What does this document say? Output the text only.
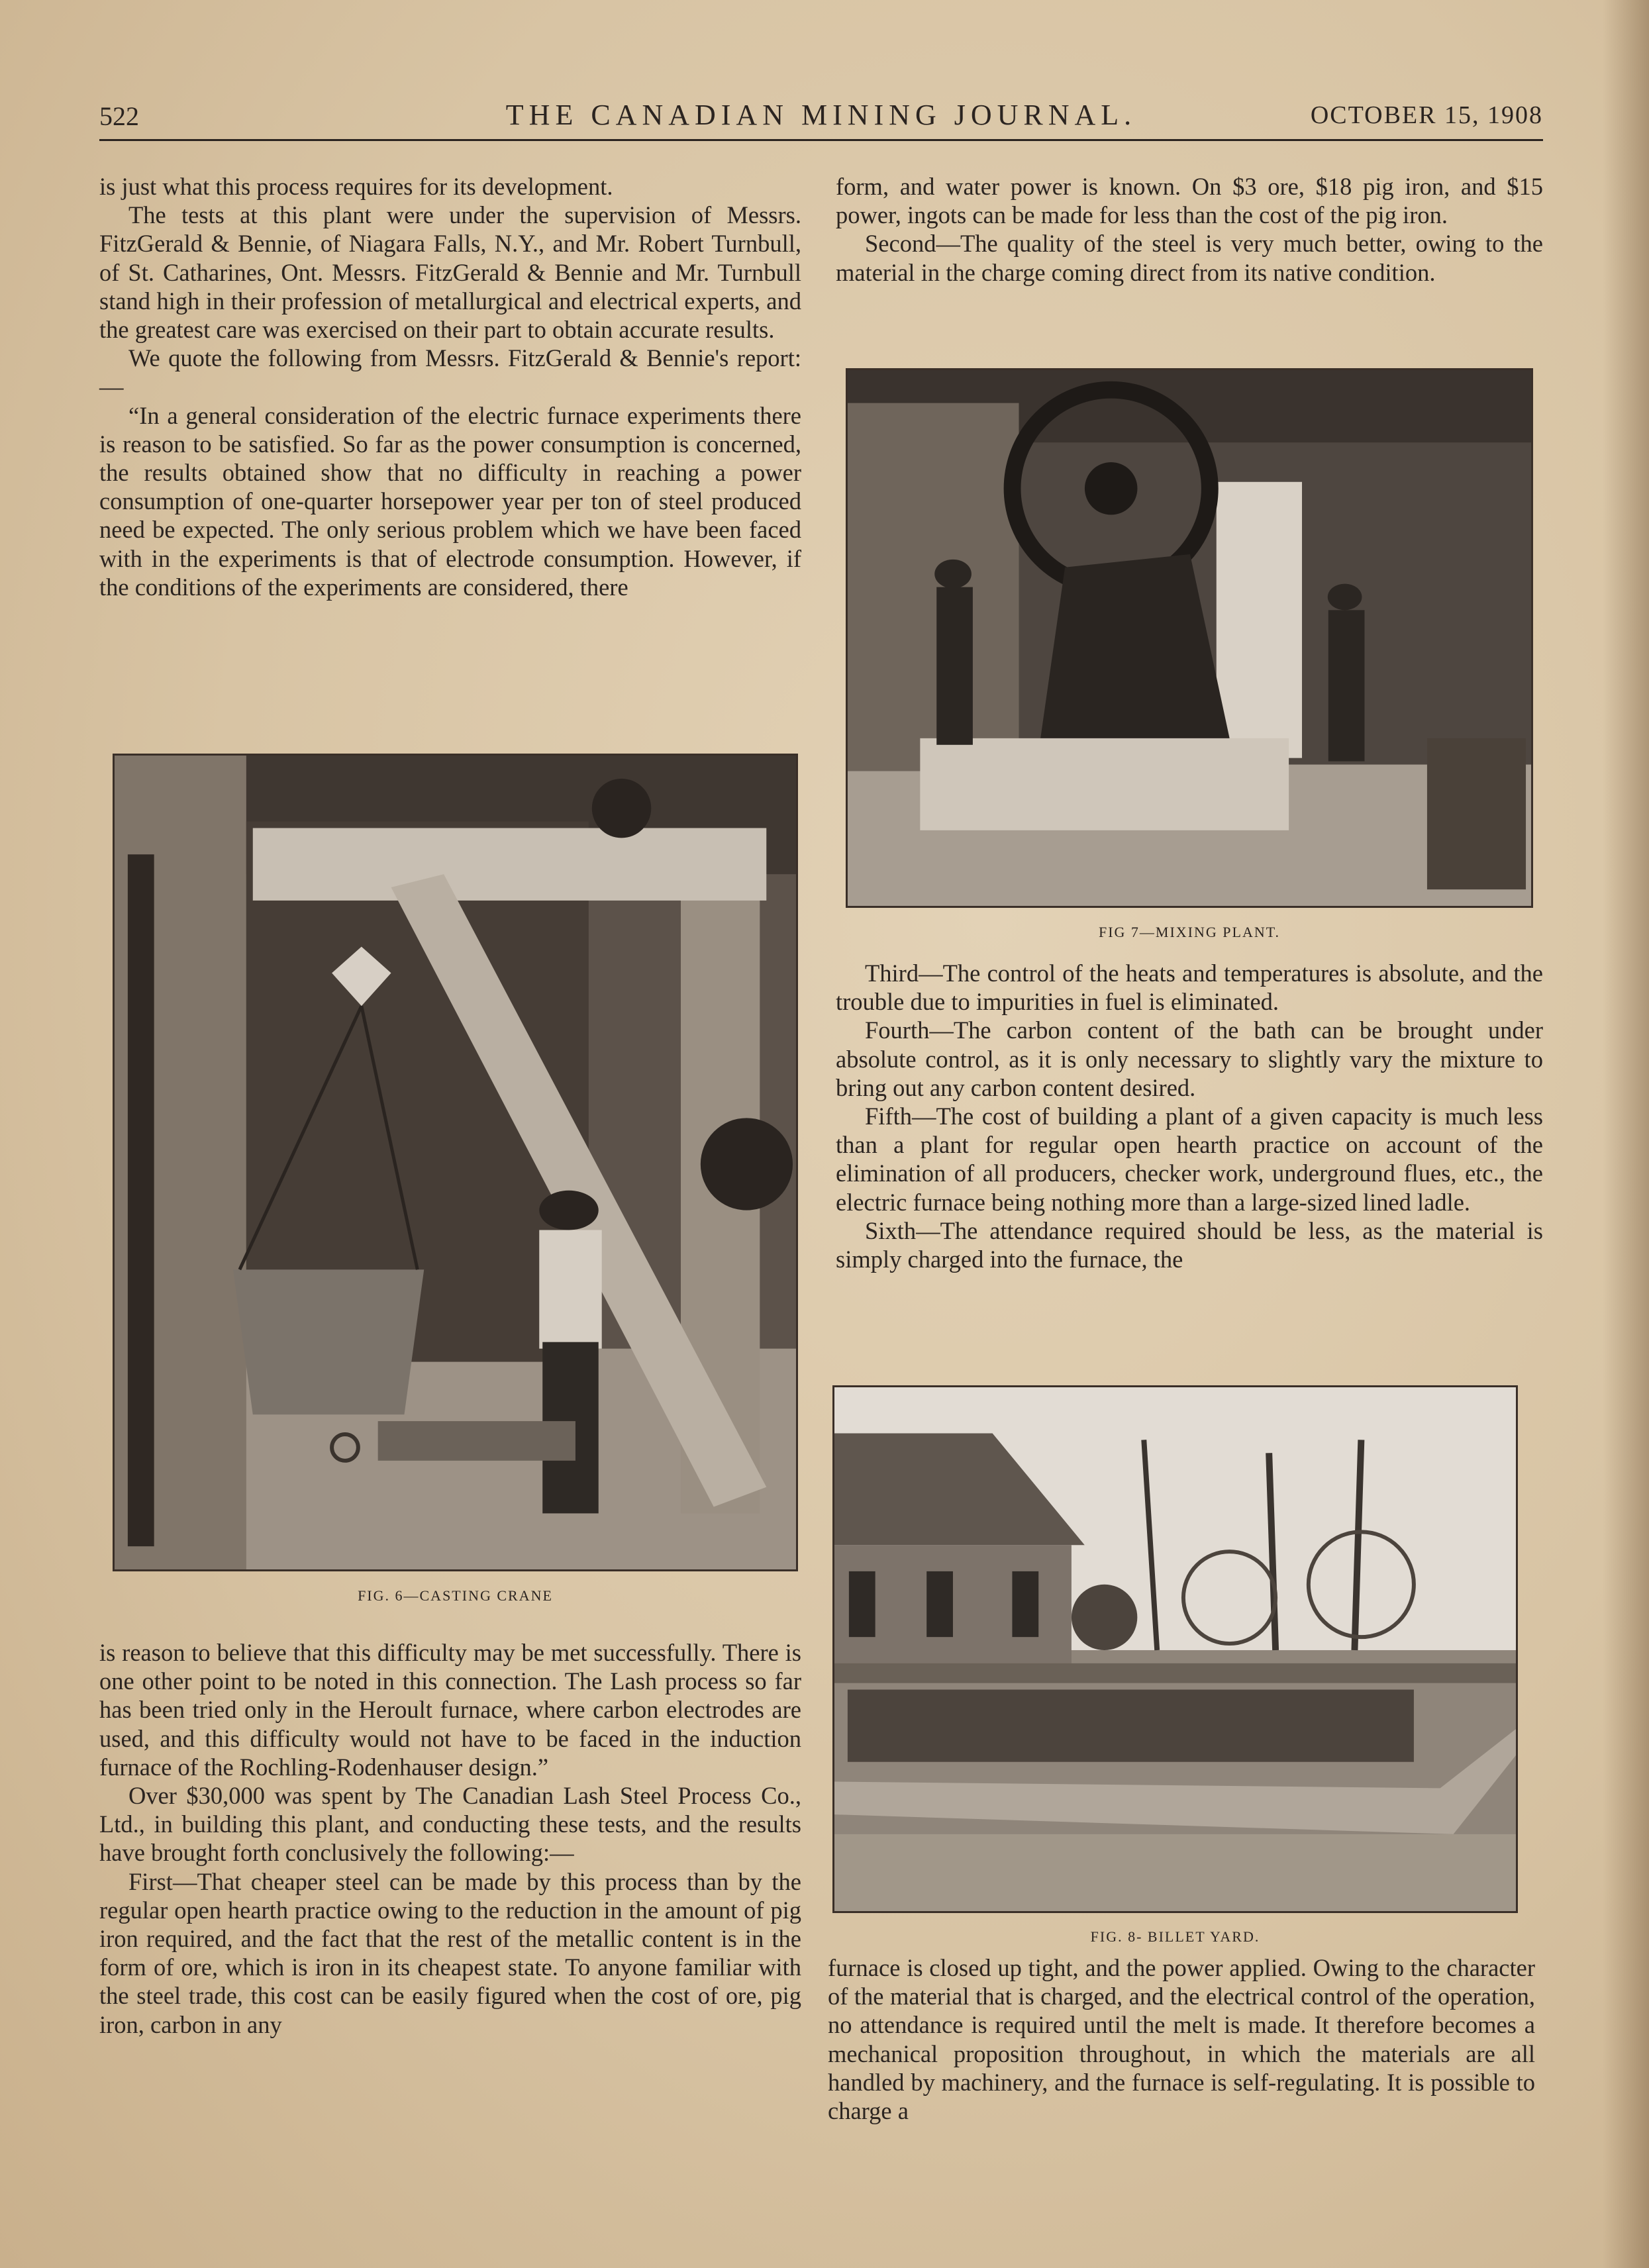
522	THE CANADIAN MINING JOURNAL.	OCTOBER 15, 1908

is just what this process requires for its development.

The tests at this plant were under the supervision of Messrs. FitzGerald & Bennie, of Niagara Falls, N.Y., and Mr. Robert Turnbull, of St. Catharines, Ont. Messrs. FitzGerald & Bennie and Mr. Turnbull stand high in their profession of metallurgical and electrical experts, and the greatest care was exercised on their part to obtain accurate results.

We quote the following from Messrs. FitzGerald & Bennie's report:—

“In a general consideration of the electric furnace experiments there is reason to be satisfied. So far as the power consumption is concerned, the results obtained show that no difficulty in reaching a power consumption of one-quarter horsepower year per ton of steel produced need be expected. The only serious problem which we have been faced with in the experiments is that of electrode consumption. However, if the conditions of the experiments are considered, there

FIG. 6—CASTING CRANE

is reason to believe that this difficulty may be met successfully. There is one other point to be noted in this connection. The Lash process so far has been tried only in the Heroult furnace, where carbon electrodes are used, and this difficulty would not have to be faced in the induction furnace of the Rochling-Rodenhauser design.”

Over $30,000 was spent by The Canadian Lash Steel Process Co., Ltd., in building this plant, and conducting these tests, and the results have brought forth conclusively the following:—

First—That cheaper steel can be made by this process than by the regular open hearth practice owing to the reduction in the amount of pig iron required, and the fact that the rest of the metallic content is in the form of ore, which is iron in its cheapest state. To anyone familiar with the steel trade, this cost can be easily figured when the cost of ore, pig iron, carbon in any

form, and water power is known. On $3 ore, $18 pig iron, and $15 power, ingots can be made for less than the cost of the pig iron.

Second—The quality of the steel is very much better, owing to the material in the charge coming direct from its native condition.

FIG 7—MIXING PLANT.

Third—The control of the heats and temperatures is absolute, and the trouble due to impurities in fuel is eliminated.

Fourth—The carbon content of the bath can be brought under absolute control, as it is only necessary to slightly vary the mixture to bring out any carbon content desired.

Fifth—The cost of building a plant of a given capacity is much less than a plant for regular open hearth practice on account of the elimination of all producers, checker work, underground flues, etc., the electric furnace being nothing more than a large-sized lined ladle.

Sixth—The attendance required should be less, as the material is simply charged into the furnace, the

FIG. 8- BILLET YARD.

furnace is closed up tight, and the power applied. Owing to the character of the material that is charged, and the electrical control of the operation, no attendance is required until the melt is made. It therefore becomes a mechanical proposition throughout, in which the materials are all handled by machinery, and the furnace is self-regulating. It is possible to charge a
